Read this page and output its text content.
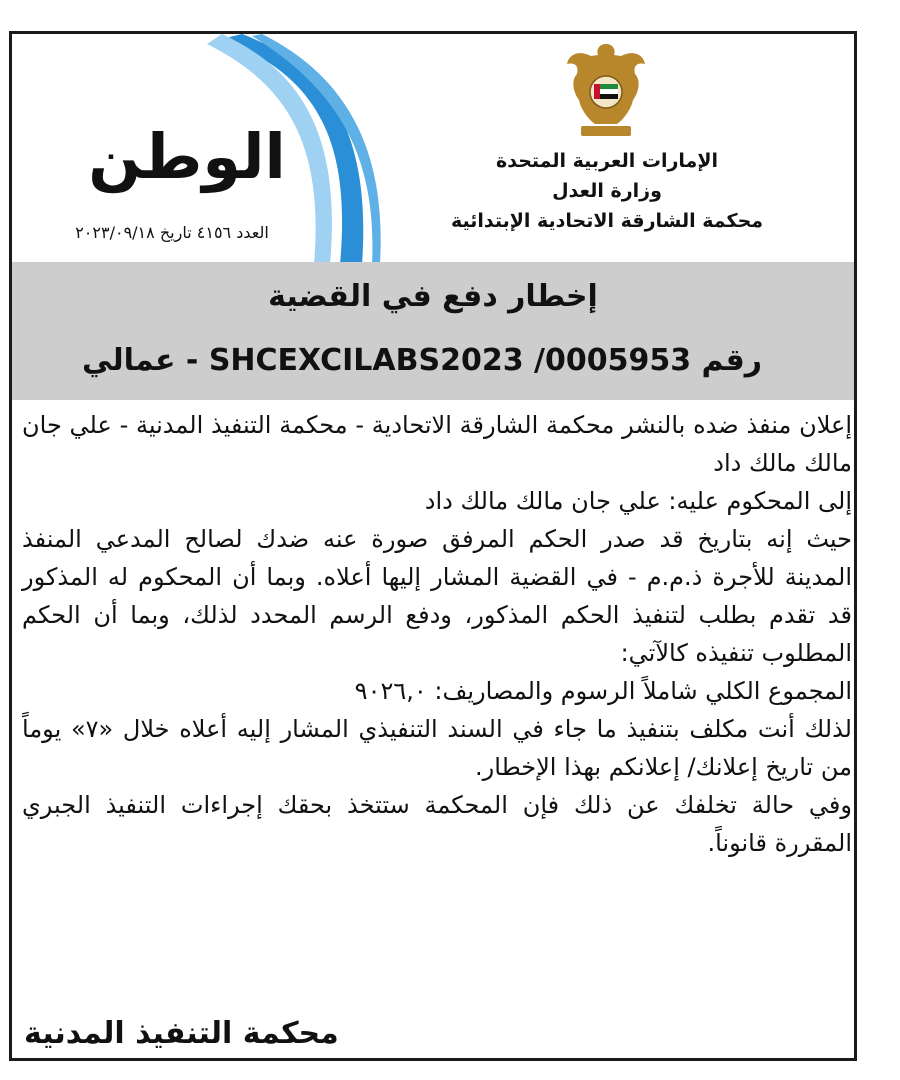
الوطن
العدد ٤١٥٦ تاريخ ٢٠٢٣/٠٩/١٨
الإمارات العربية المتحدة
وزارة العدل
محكمة الشارقة الاتحادية الإبتدائية
إخطار دفع في القضية
رقم SHCEXCILABS2023 /0005953 - عمالي

إعلان منفذ ضده بالنشر محكمة الشارقة الاتحادية - محكمة التنفيذ المدنية - علي جان مالك مالك داد

إلى المحكوم عليه: علي جان مالك مالك داد

حيث إنه بتاريخ قد صدر الحكم المرفق صورة عنه ضدك لصالح المدعي المنفذ المدينة للأجرة ذ.م.م - في القضية المشار إليها أعلاه. وبما أن المحكوم له المذكور قد تقدم بطلب لتنفيذ الحكم المذكور، ودفع الرسم المحدد لذلك، وبما أن الحكم المطلوب تنفيذه كالآتي:

المجموع الكلي شاملاً الرسوم والمصاريف: ٩٠٢٦,٠

لذلك أنت مكلف بتنفيذ ما جاء في السند التنفيذي المشار إليه أعلاه خلال «٧» يوماً من تاريخ إعلانك/ إعلانكم بهذا الإخطار.

وفي حالة تخلفك عن ذلك فإن المحكمة ستتخذ بحقك إجراءات التنفيذ الجبري المقررة قانوناً.

محكمة التنفيذ المدنية
